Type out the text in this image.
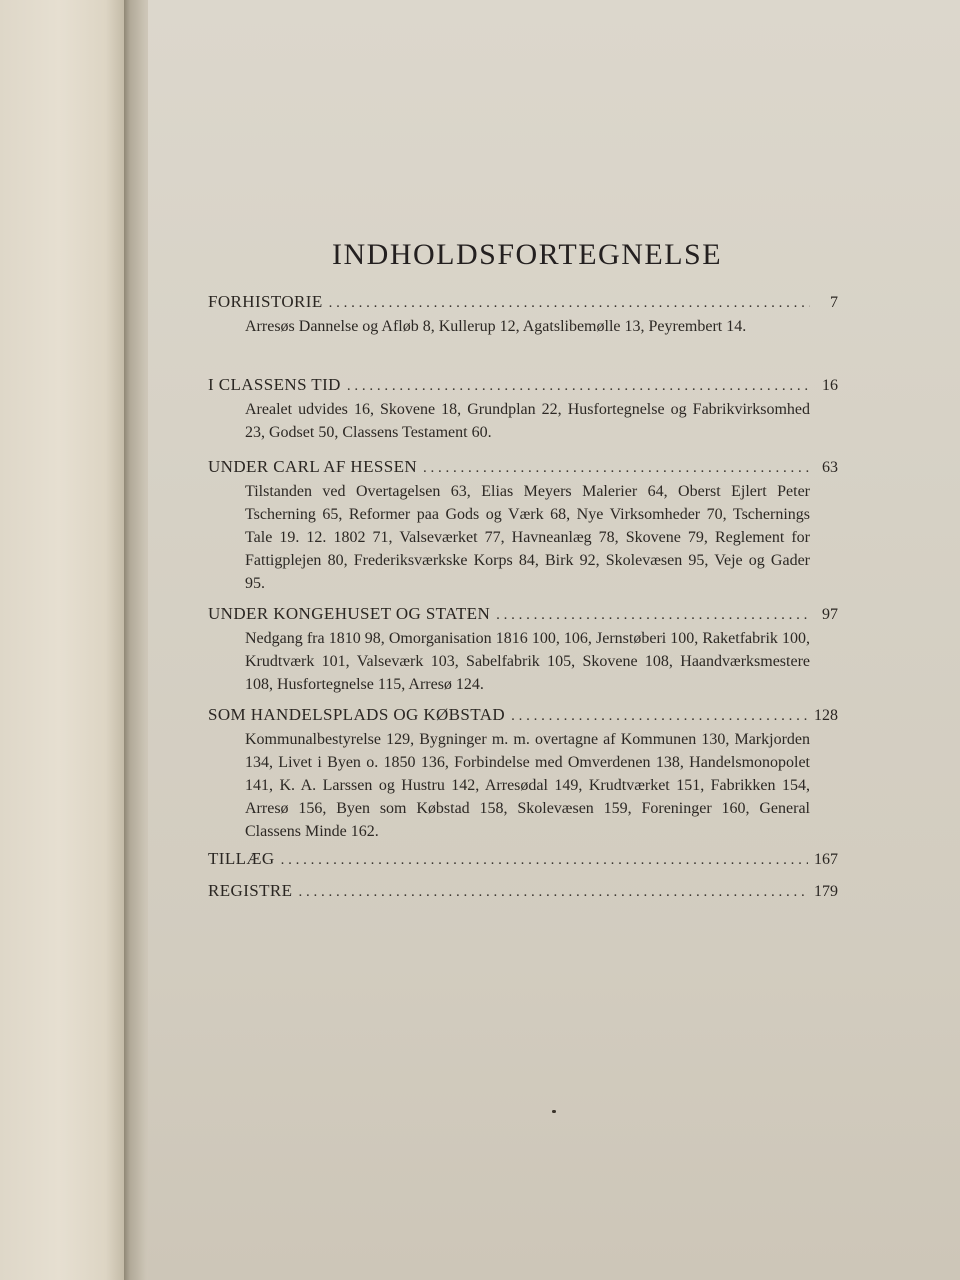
INDHOLDSFORTEGNELSE
FORHISTORIE . . .	7
Arresøs Dannelse og Afløb 8, Kullerup 12, Agatslibemølle 13, Peyrembert 14.
I CLASSENS TID . . .	16
Arealet udvides 16, Skovene 18, Grundplan 22, Husfortegnelse og Fabrikvirksomhed 23, Godset 50, Classens Testament 60.
UNDER CARL AF HESSEN . . .	63
Tilstanden ved Overtagelsen 63, Elias Meyers Malerier 64, Oberst Ejlert Peter Tscherning 65, Reformer paa Gods og Værk 68, Nye Virksomheder 70, Tschernings Tale 19. 12. 1802 71, Valseværket 77, Havneanlæg 78, Skovene 79, Reglement for Fattigplejen 80, Frederiksværkske Korps 84, Birk 92, Skolevæsen 95, Veje og Gader 95.
UNDER KONGEHUSET OG STATEN . . .	97
Nedgang fra 1810 98, Omorganisation 1816 100, 106, Jernstøberi 100, Raketfabrik 100, Krudtværk 101, Valseværk 103, Sabelfabrik 105, Skovene 108, Haandværksmestere 108, Husfortegnelse 115, Arresø 124.
SOM HANDELSPLADS OG KØBSTAD . . .	128
Kommunalbestyrelse 129, Bygninger m. m. overtagne af Kommunen 130, Markjorden 134, Livet i Byen o. 1850 136, Forbindelse med Omverdenen 138, Handelsmonopolet 141, K. A. Larssen og Hustru 142, Arresødal 149, Krudtværket 151, Fabrikken 154, Arresø 156, Byen som Købstad 158, Skolevæsen 159, Foreninger 160, General Classens Minde 162.
TILLÆG . . .	167
REGISTRE . . .	179
